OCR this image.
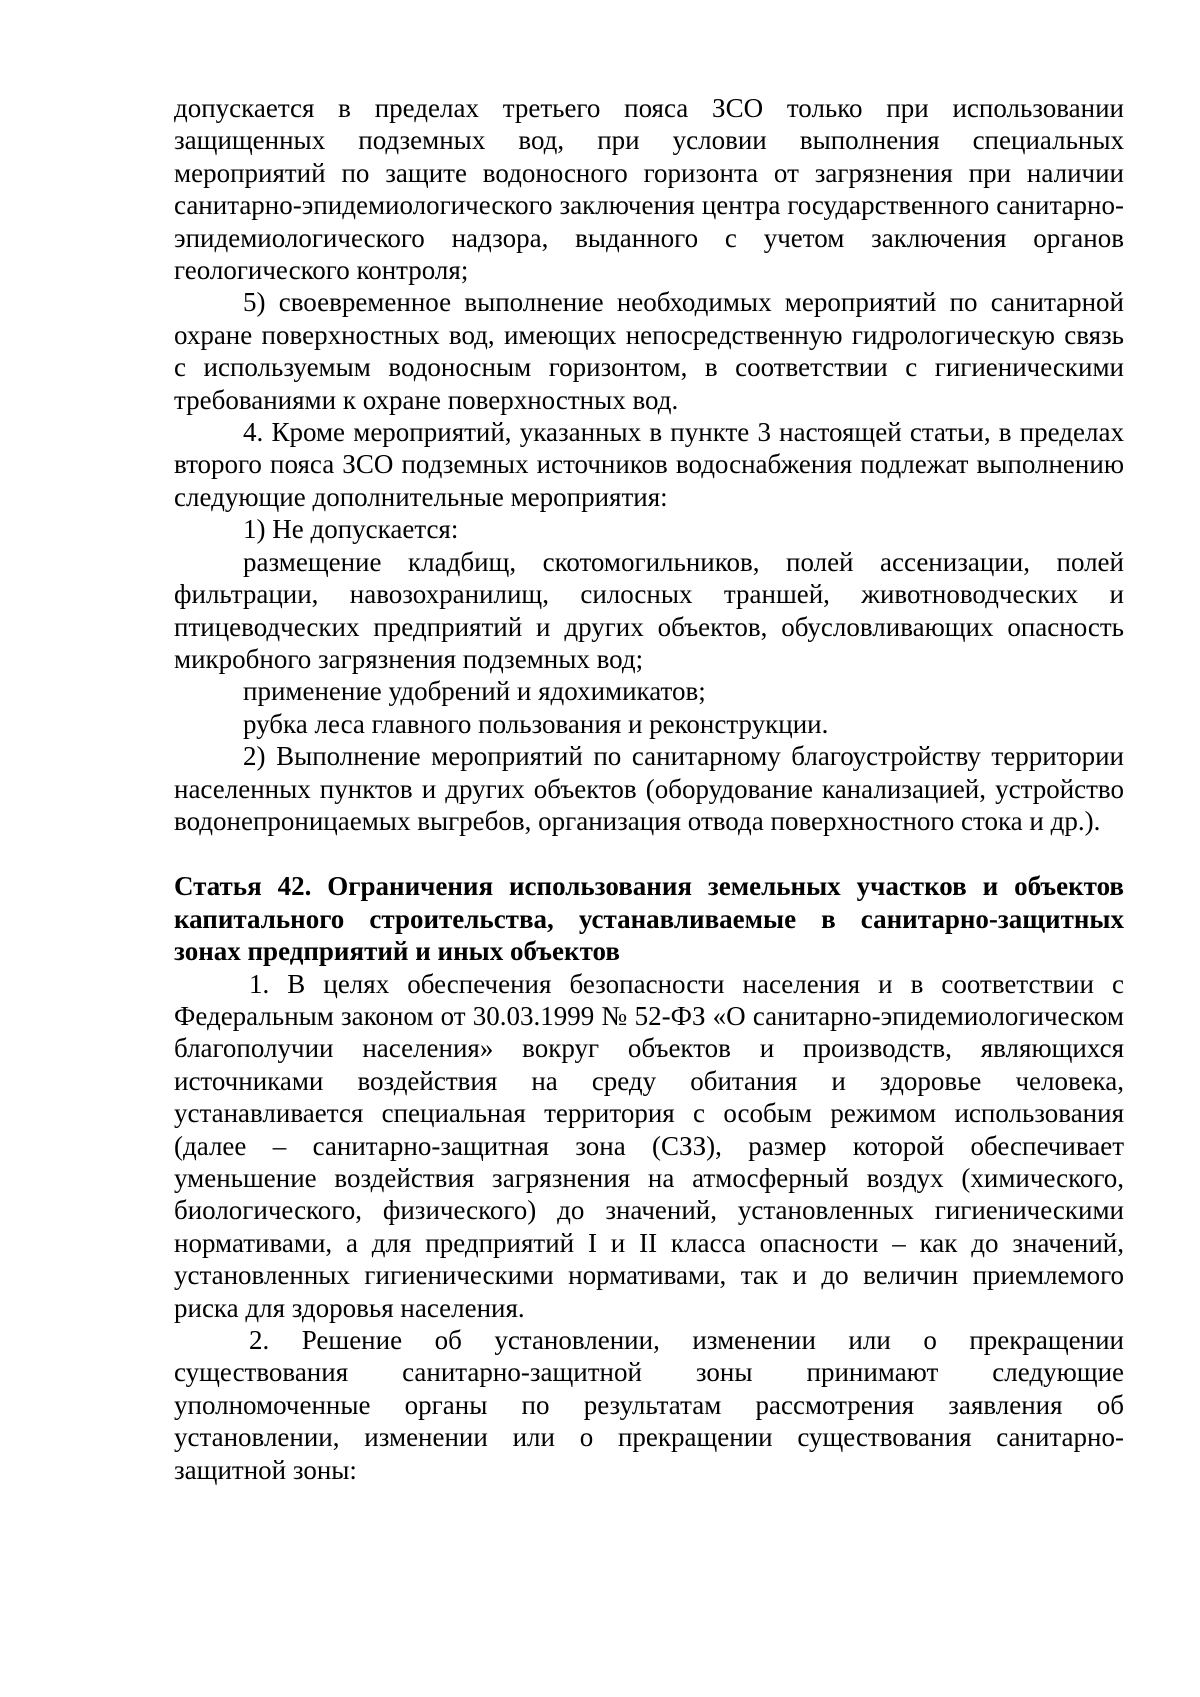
допускается в пределах третьего пояса ЗСО только при использовании защищенных подземных вод, при условии выполнения специальных мероприятий по защите водоносного горизонта от загрязнения при наличии санитарно-эпидемиологического заключения центра государственного санитарно-эпидемиологического надзора, выданного с учетом заключения органов геологического контроля;

5) своевременное выполнение необходимых мероприятий по санитарной охране поверхностных вод, имеющих непосредственную гидрологическую связь с используемым водоносным горизонтом, в соответствии с гигиеническими требованиями к охране поверхностных вод.

4. Кроме мероприятий, указанных в пункте 3 настоящей статьи, в пределах второго пояса ЗСО подземных источников водоснабжения подлежат выполнению следующие дополнительные мероприятия:

1) Не допускается:

размещение кладбищ, скотомогильников, полей ассенизации, полей фильтрации, навозохранилищ, силосных траншей, животноводческих и птицеводческих предприятий и других объектов, обусловливающих опасность микробного загрязнения подземных вод;

применение удобрений и ядохимикатов;

рубка леса главного пользования и реконструкции.

2) Выполнение мероприятий по санитарному благоустройству территории населенных пунктов и других объектов (оборудование канализацией, устройство водонепроницаемых выгребов, организация отвода поверхностного стока и др.).

Статья 42. Ограничения использования земельных участков и объектов капитального строительства, устанавливаемые в санитарно-защитных зонах предприятий и иных объектов

1. В целях обеспечения безопасности населения и в соответствии с Федеральным законом от 30.03.1999 № 52-ФЗ «О санитарно-эпидемиологическом благополучии населения» вокруг объектов и производств, являющихся источниками воздействия на среду обитания и здоровье человека, устанавливается специальная территория с особым режимом использования (далее – санитарно-защитная зона (СЗЗ), размер которой обеспечивает уменьшение воздействия загрязнения на атмосферный воздух (химического, биологического, физического) до значений, установленных гигиеническими нормативами, а для предприятий I и II класса опасности – как до значений, установленных гигиеническими нормативами, так и до величин приемлемого риска для здоровья населения.

2. Решение об установлении, изменении или о прекращении существования санитарно-защитной зоны принимают следующие уполномоченные органы по результатам рассмотрения заявления об установлении, изменении или о прекращении существования санитарно-защитной зоны:
